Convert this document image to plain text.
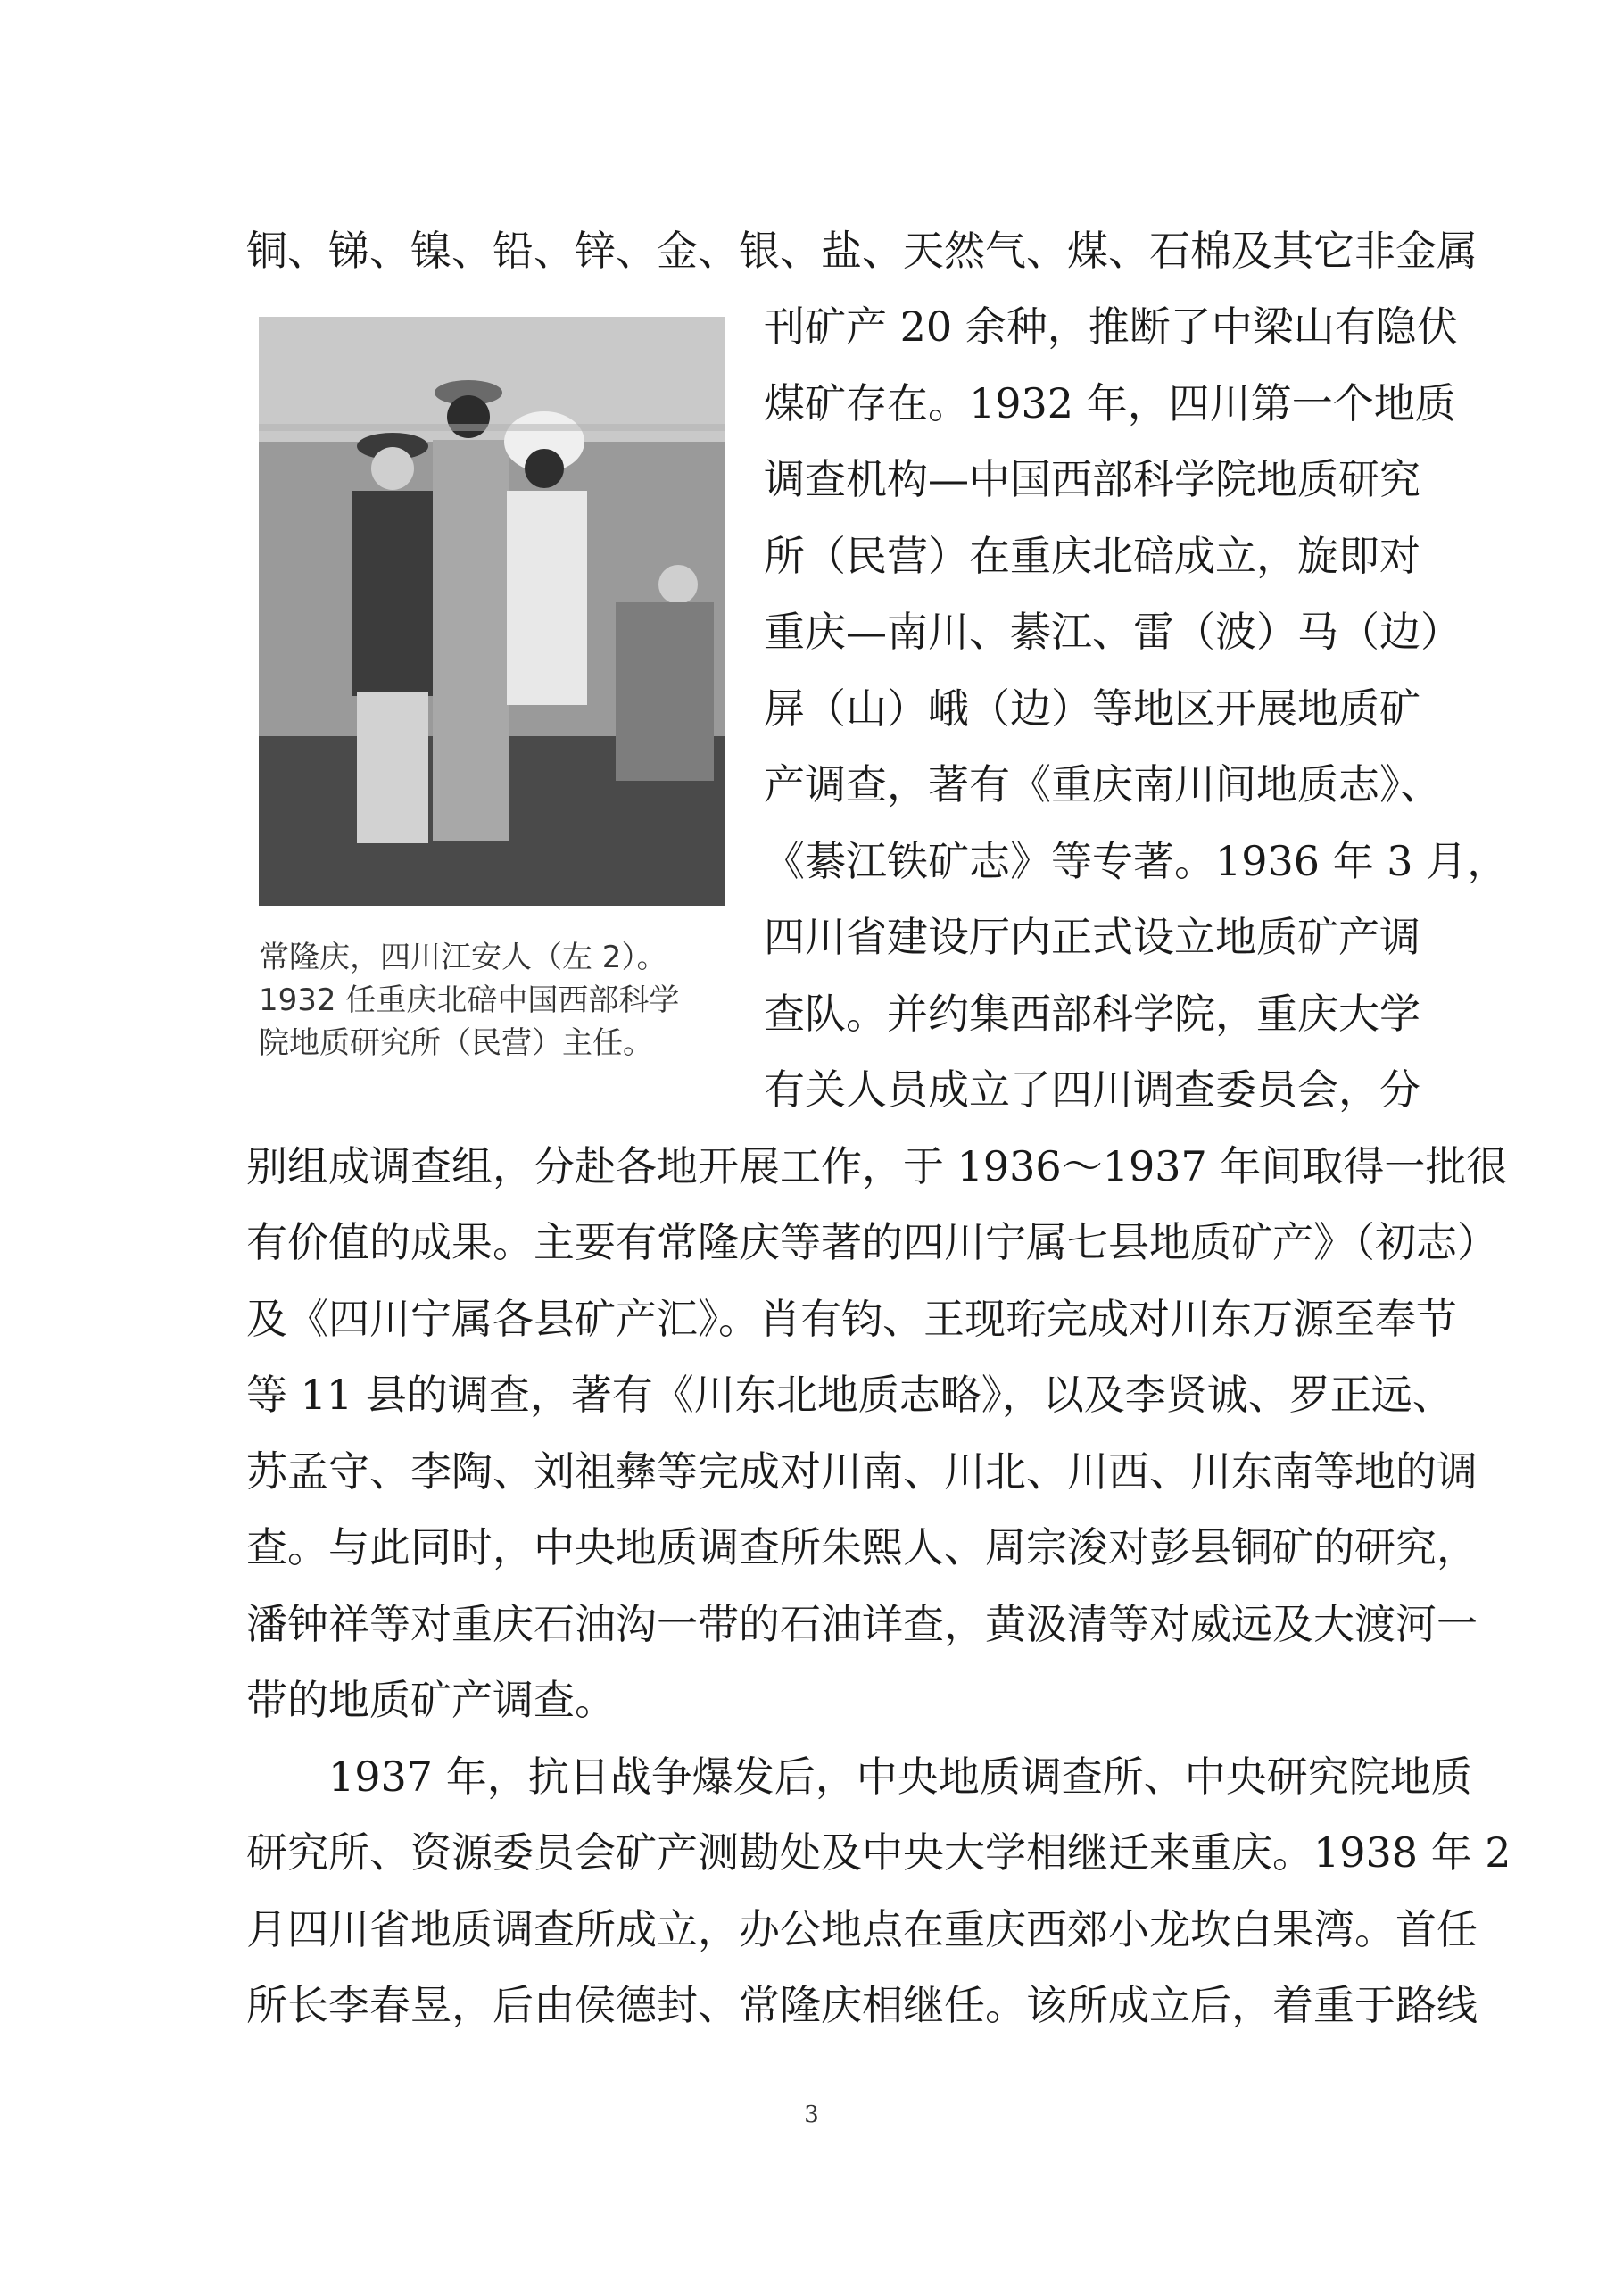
铜、锑、镍、铅、锌、金、银、盐、天然气、煤、石棉及其它非金属
刊矿产 20 余种，推断了中梁山有隐伏
煤矿存在。1932 年，四川第一个地质
调查机构—中国西部科学院地质研究
所（民营）在重庆北碚成立，旋即对
重庆—南川、綦江、雷（波）马（边）
屏（山）峨（边）等地区开展地质矿
产调查，著有《重庆南川间地质志》、
《綦江铁矿志》等专著。1936 年 3 月，
四川省建设厅内正式设立地质矿产调
查队。并约集西部科学院，重庆大学
有关人员成立了四川调查委员会，分
常隆庆，四川江安人（左 2）。
1932 任重庆北碚中国西部科学
院地质研究所（民营）主任。
别组成调查组，分赴各地开展工作，于 1936～1937 年间取得一批很
有价值的成果。主要有常隆庆等著的四川宁属七县地质矿产》（初志）
及《四川宁属各县矿产汇》。肖有钧、王现珩完成对川东万源至奉节
等 11 县的调查，著有《川东北地质志略》，以及李贤诚、罗正远、
苏孟守、李陶、刘祖彝等完成对川南、川北、川西、川东南等地的调
查。与此同时，中央地质调查所朱熙人、周宗浚对彭县铜矿的研究，
潘钟祥等对重庆石油沟一带的石油详查，黄汲清等对威远及大渡河一
带的地质矿产调查。
　　1937 年，抗日战争爆发后，中央地质调查所、中央研究院地质
研究所、资源委员会矿产测勘处及中央大学相继迁来重庆。1938 年 2
月四川省地质调查所成立，办公地点在重庆西郊小龙坎白果湾。首任
所长李春昱，后由侯德封、常隆庆相继任。该所成立后，着重于路线
3
